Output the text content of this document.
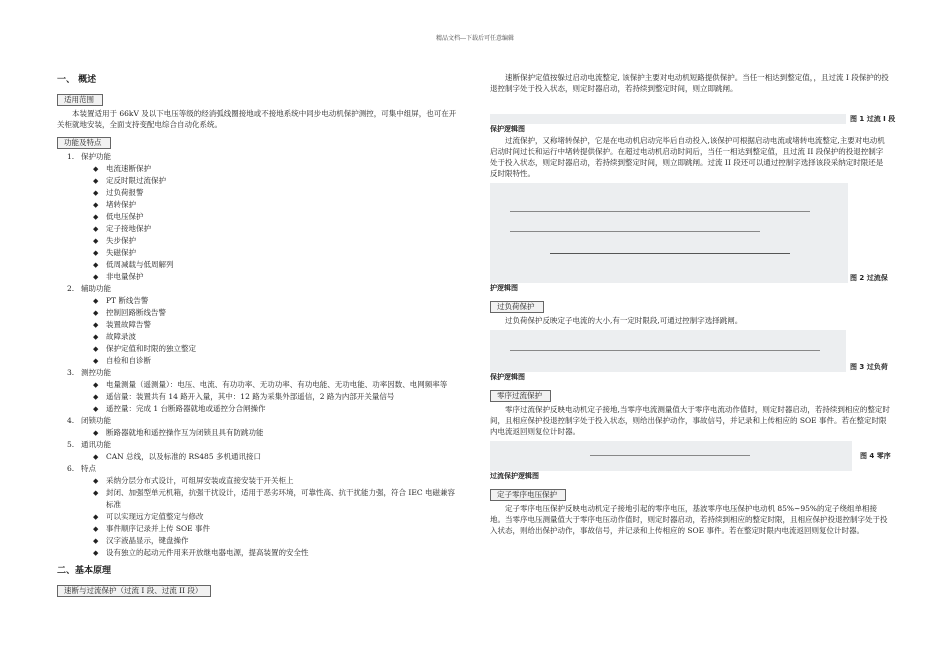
精品文档---下载后可任意编辑
一、 概述
适用范围

本装置适用于 66kV 及以下电压等级的经消弧线圈接地或不接地系统中同步电动机保护测控，可集中组屏，也可在开关柜就地安装，全面支持变配电综合自动化系统。

功能及特点
1. 保护功能
◆	电流速断保护
◆	定反时限过流保护
◆	过负荷报警
◆	堵转保护
◆	低电压保护
◆	定子接地保护
◆	失步保护
◆	失磁保护
◆	低周减载与低周解列
◆	非电量保护
2. 辅助功能
◆	PT 断线告警
◆	控制回路断线告警
◆	装置故障告警
◆	故障录波
◆	保护定值和时限的独立整定
◆	自检和自诊断
3. 测控功能
◆	电量测量（遥测量）：电压、电流、有功功率、无功功率、有功电能、无功电能、功率因数、电网频率等
◆	遥信量：装置共有 14 路开入量，其中：12 路为采集外部遥信，2 路为内部开关量信号
◆	遥控量：完成 1 台断路器就地或遥控分合闸操作
4. 闭锁功能
◆	断路器就地和遥控操作互为闭锁且具有防跳功能
5. 通讯功能
◆	CAN 总线，以及标准的 RS485 多机通讯接口
6. 特点
◆	采纳分层分布式设计，可组屏安装或直接安装于开关柜上
◆	封闭、加强型单元机箱，抗强干扰设计，适用于恶劣环境，可靠性高、抗干扰能力强，符合 IEC 电磁兼容标准
◆	可以实现远方定值整定与修改
◆	事件顺序记录并上传 SOE 事件
◆	汉字液晶显示，键盘操作
◆	设有独立的起动元件用来开放继电器电源，提高装置的安全性
二、基本原理
速断与过流保护（过流 I 段、过流 II 段）

速断保护定值按躲过启动电流整定, 该保护主要对电动机短路提供保护。当任一相达到整定值，，且过流 I 段保护的投退控制字处于投入状态，则定时器启动，若持续到整定时间，则立即跳闸。

图 1 过流 I 段
保护逻辑图

过流保护，又称堵转保护，它是在电动机启动完毕后自动投入,该保护可根据启动电流或堵转电流整定,主要对电动机启动时间过长和运行中堵转提供保护。在超过电动机启动时间后，当任一相达到整定值，且过流 II 段保护的投退控制字处于投入状态，则定时器启动，若持续到整定时间，则立即跳闸。过流 II 段还可以通过控制字选择该段采纳定时限还是反时限特性。

图 2 过流保
护逻辑图
过负荷保护

过负荷保护反映定子电流的大小,有一定时限段,可通过控制字选择跳闸。

图 3 过负荷
保护逻辑图
零序过流保护

零序过流保护反映电动机定子接地,当零序电流测量值大于零序电流动作值时，则定时器启动，若持续到相应的整定时间，且相应保护投退控制字处于投入状态，则给出保护动作，事故信号，并记录和上传相应的 SOE 事件。若在整定时限内电流返回则复位计时器。

图 4 零序
过流保护逻辑图
定子零序电压保护

定子零序电压保护反映电动机定子接地引起的零序电压，基波零序电压保护电动机 85%~95%的定子绕组单相接地。当零序电压测量值大于零序电压动作值时，则定时器启动，若持续到相应的整定时限，且相应保护投退控制字处于投入状态，则给出保护动作，事故信号，并记录和上传相应的 SOE 事件。若在整定时限内电流返回则复位计时器。
